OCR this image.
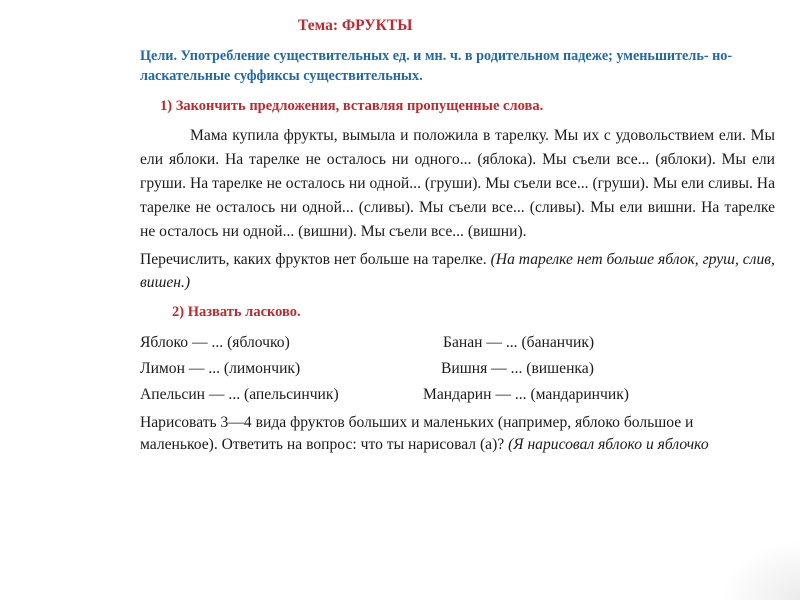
Тема: ФРУКТЫ

Цели. Употребление существительных ед. и мн. ч. в родительном падеже; уменьшитель- но-ласкательные суффиксы существительных.

1) Закончить предложения, вставляя пропущенные слова.

Мама купила фрукты, вымыла и положила в тарелку. Мы их с удовольствием ели. Мы ели яблоки. На тарелке не осталось ни одного... (яблока). Мы съели все... (яблоки). Мы ели груши. На тарелке не осталось ни одной... (груши). Мы съели все... (груши). Мы ели сливы. На тарелке не осталось ни одной... (сливы). Мы съели все... (сливы). Мы ели вишни. На тарелке не осталось ни одной... (вишни). Мы съели все... (вишни).

Перечислить, каких фруктов нет больше на тарелке. (На тарелке нет больше яблок, груш, слив, вишен.)

2) Назвать ласково.

Яблоко — ... (яблочко)	Банан — ... (бананчик)
Лимон — ... (лимончик)	Вишня — ... (вишенка)
Апельсин — ... (апельсинчик)	Мандарин — ... (мандаринчик)

Нарисовать 3—4 вида фруктов больших и маленьких (например, яблоко большое и маленькое). Ответить на вопрос: что ты нарисовал (а)? (Я нарисовал яблоко и яблочко
